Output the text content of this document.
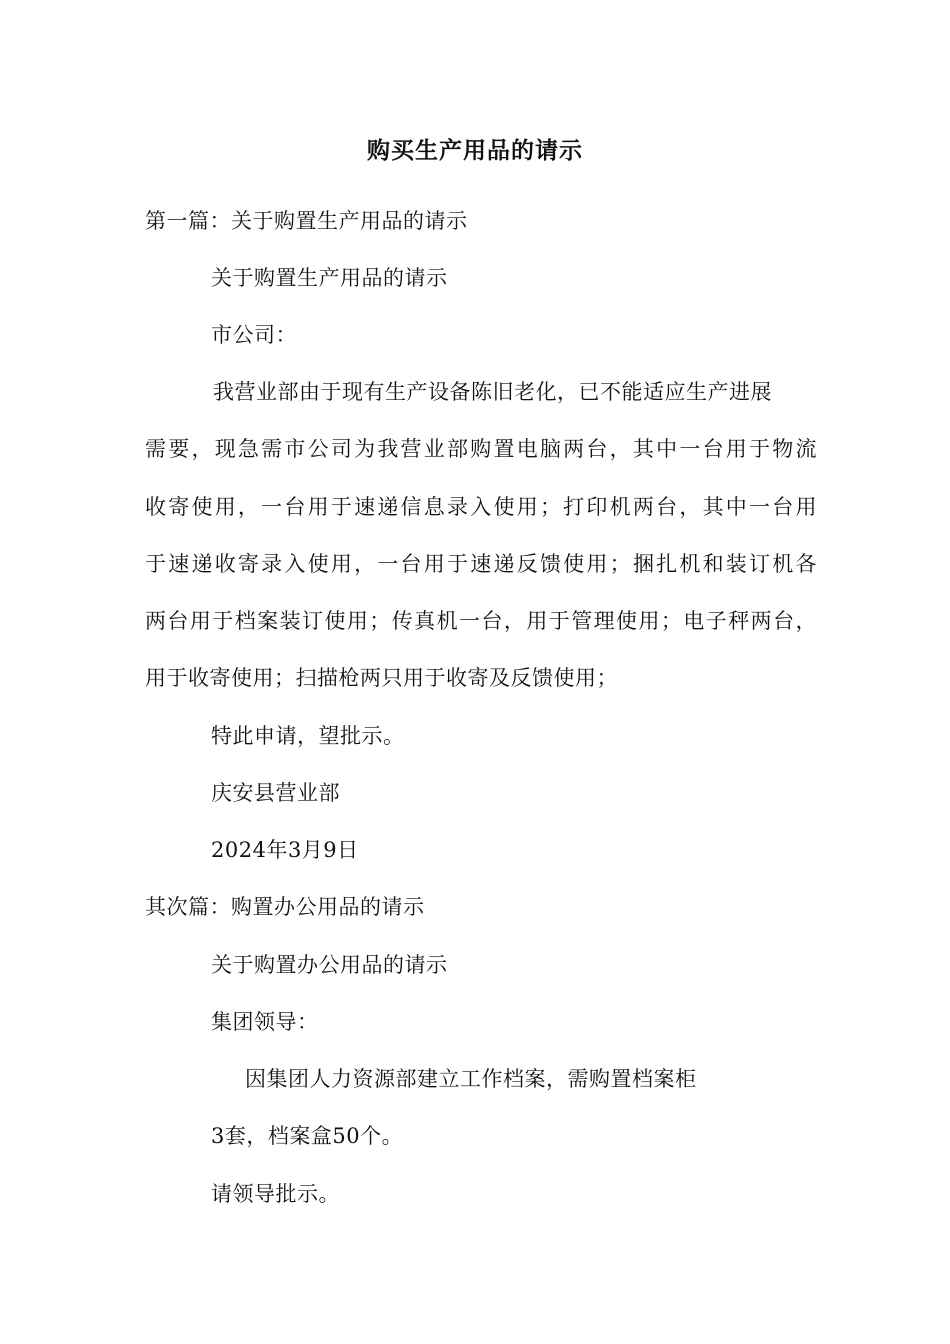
购买生产用品的请示
第一篇：关于购置生产用品的请示
关于购置生产用品的请示
市公司：
我营业部由于现有生产设备陈旧老化，已不能适应生产进展
需要，现急需市公司为我营业部购置电脑两台，其中一台用于物流
收寄使用，一台用于速递信息录入使用；打印机两台，其中一台用
于速递收寄录入使用，一台用于速递反馈使用；捆扎机和装订机各
两台用于档案装订使用；传真机一台，用于管理使用；电子秤两台，
用于收寄使用；扫描枪两只用于收寄及反馈使用；
特此申请，望批示。
庆安县营业部
2024年3月9日
其次篇：购置办公用品的请示
关于购置办公用品的请示
集团领导：
因集团人力资源部建立工作档案，需购置档案柜
3套，档案盒50个。
请领导批示。
